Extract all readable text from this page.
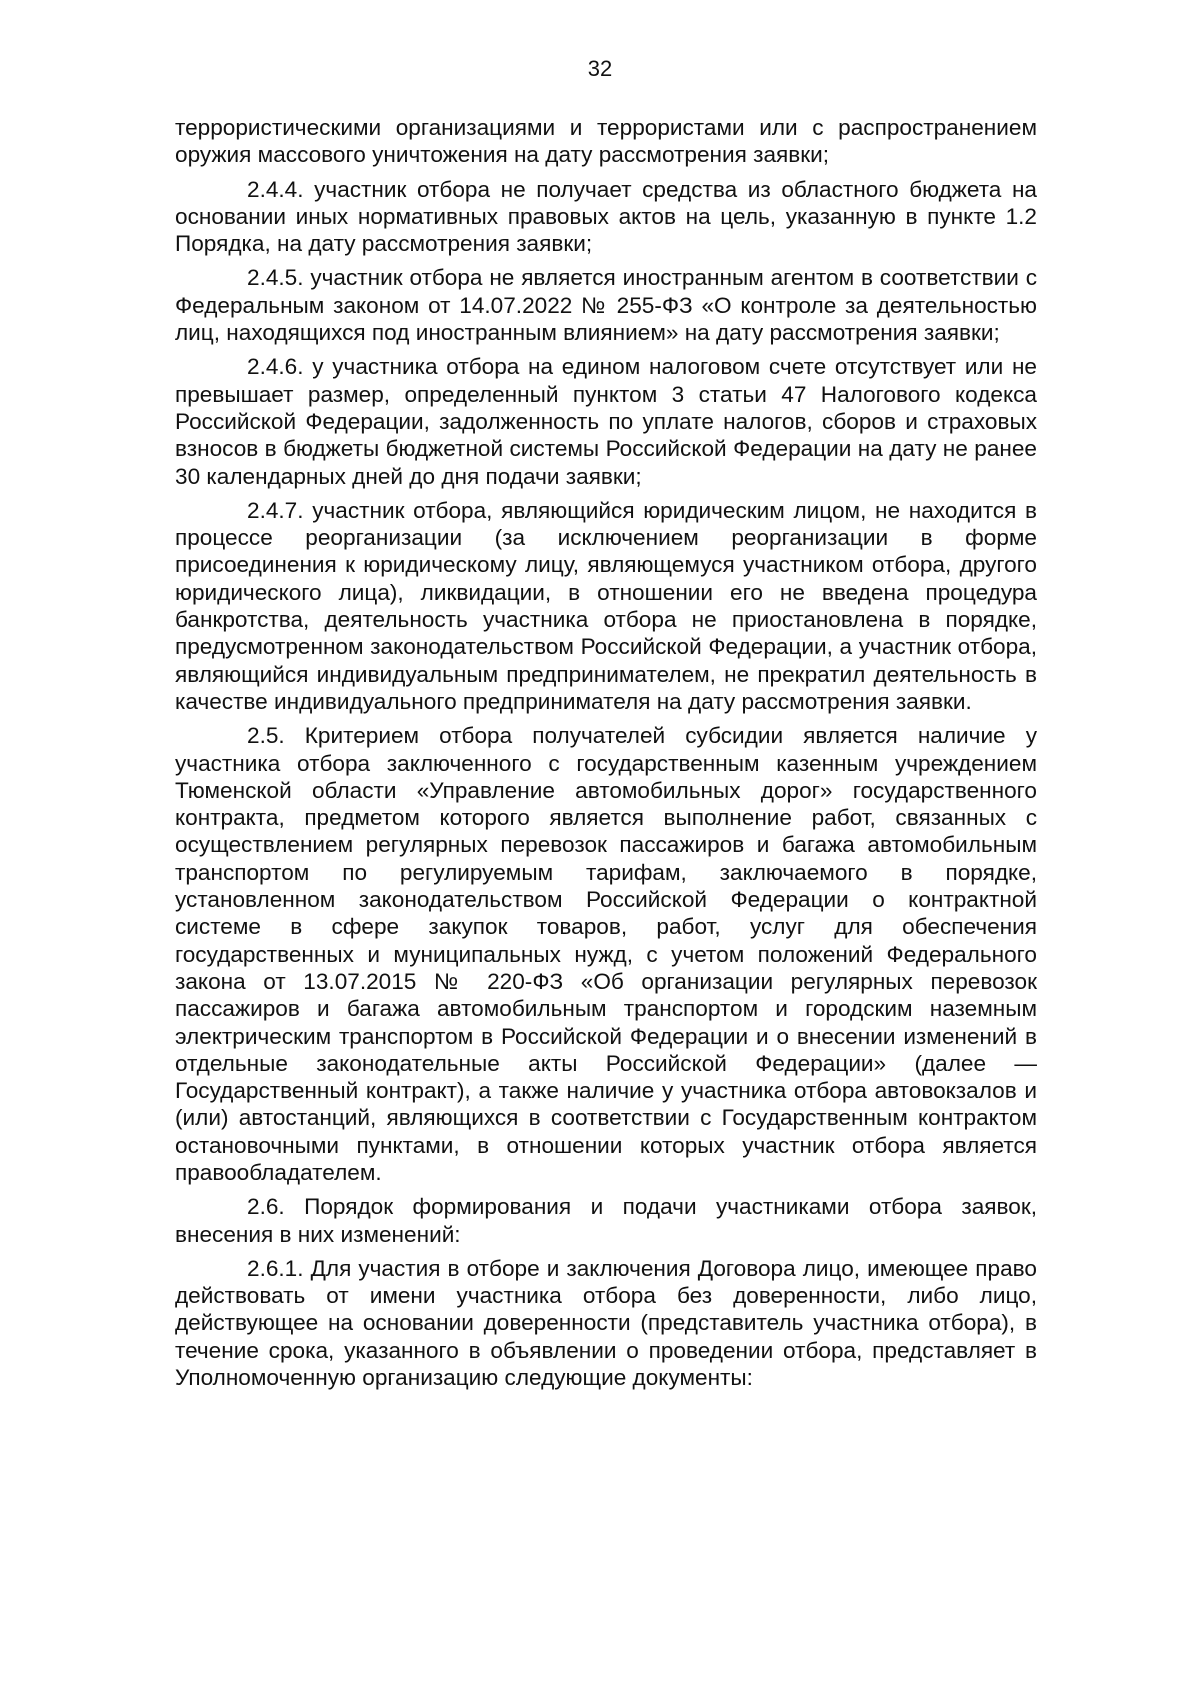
32

террористическими организациями и террористами или с распространением оружия массового уничтожения на дату рассмотрения заявки;

2.4.4. участник отбора не получает средства из областного бюджета на основании иных нормативных правовых актов на цель, указанную в пункте 1.2 Порядка, на дату рассмотрения заявки;

2.4.5. участник отбора не является иностранным агентом в соответствии с Федеральным законом от 14.07.2022 № 255-ФЗ «О контроле за деятельностью лиц, находящихся под иностранным влиянием» на дату рассмотрения заявки;

2.4.6. у участника отбора на едином налоговом счете отсутствует или не превышает размер, определенный пунктом 3 статьи 47 Налогового кодекса Российской Федерации, задолженность по уплате налогов, сборов и страховых взносов в бюджеты бюджетной системы Российской Федерации на дату не ранее 30 календарных дней до дня подачи заявки;

2.4.7. участник отбора, являющийся юридическим лицом, не находится в процессе реорганизации (за исключением реорганизации в форме присоединения к юридическому лицу, являющемуся участником отбора, другого юридического лица), ликвидации, в отношении его не введена процедура банкротства, деятельность участника отбора не приостановлена в порядке, предусмотренном законодательством Российской Федерации, а участник отбора, являющийся индивидуальным предпринимателем, не прекратил деятельность в качестве индивидуального предпринимателя на дату рассмотрения заявки.

2.5. Критерием отбора получателей субсидии является наличие у участника отбора заключенного с государственным казенным учреждением Тюменской области «Управление автомобильных дорог» государственного контракта, предметом которого является выполнение работ, связанных с осуществлением регулярных перевозок пассажиров и багажа автомобильным транспортом по регулируемым тарифам, заключаемого в порядке, установленном законодательством Российской Федерации о контрактной системе в сфере закупок товаров, работ, услуг для обеспечения государственных и муниципальных нужд, с учетом положений Федерального закона от 13.07.2015 № 220-ФЗ «Об организации регулярных перевозок пассажиров и багажа автомобильным транспортом и городским наземным электрическим транспортом в Российской Федерации и о внесении изменений в отдельные законодательные акты Российской Федерации» (далее — Государственный контракт), а также наличие у участника отбора автовокзалов и (или) автостанций, являющихся в соответствии с Государственным контрактом остановочными пунктами, в отношении которых участник отбора является правообладателем.

2.6. Порядок формирования и подачи участниками отбора заявок, внесения в них изменений:

2.6.1. Для участия в отборе и заключения Договора лицо, имеющее право действовать от имени участника отбора без доверенности, либо лицо, действующее на основании доверенности (представитель участника отбора), в течение срока, указанного в объявлении о проведении отбора, представляет в Уполномоченную организацию следующие документы:
